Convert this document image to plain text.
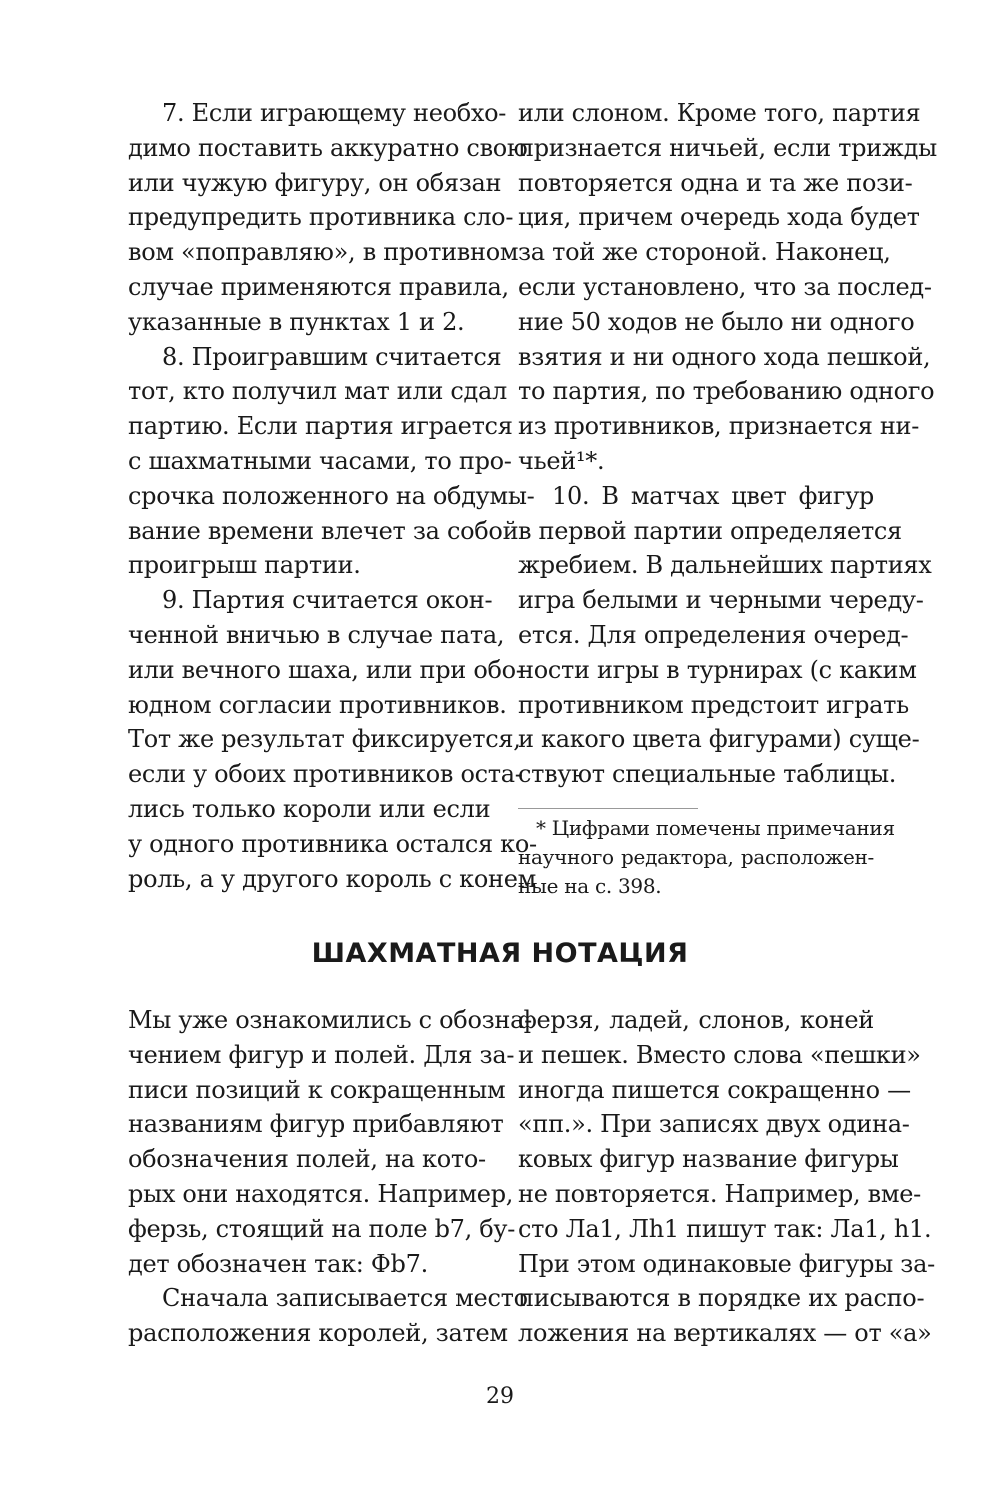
7. Если играющему необхо-
димо поставить аккуратно свою
или чужую фигуру, он обязан
предупредить противника сло-
вом «поправляю», в противном
случае применяются правила,
указанные в пунктах 1 и 2.

8. Проигравшим считается
тот, кто получил мат или сдал
партию. Если партия играется
с шахматными часами, то про-
срочка положенного на обдумы-
вание времени влечет за собой
проигрыш партии.

9. Партия считается окон-
ченной вничью в случае пата,
или вечного шаха, или при обо-
юдном согласии противников.
Тот же результат фиксируется,
если у обоих противников оста-
лись только короли или если
у одного противника остался ко-
роль, а у другого король с конем

или слоном. Кроме того, партия
признается ничьей, если трижды
повторяется одна и та же пози-
ция, причем очередь хода будет
за той же стороной. Наконец,
если установлено, что за послед-
ние 50 ходов не было ни одного
взятия и ни одного хода пешкой,
то партия, по требованию одного
из противников, признается ни-
чьей¹*.

10. В матчах цвет фигур
в первой партии определяется
жребием. В дальнейших партиях
игра белыми и черными череду-
ется. Для определения очеред-
ности игры в турнирах (с каким
противником предстоит играть
и какого цвета фигурами) суще-
ствуют специальные таблицы.

* Цифрами помечены примечания
научного редактора, расположен-
ные на с. 398.
ШАХМАТНАЯ НОТАЦИЯ

Мы уже ознакомились с обозна-
чением фигур и полей. Для за-
писи позиций к сокращенным
названиям фигур прибавляют
обозначения полей, на кото-
рых они находятся. Например,
ферзь, стоящий на поле b7, бу-
дет обозначен так: Фb7.

Сначала записывается место
расположения королей, затем

ферзя, ладей, слонов, коней
и пешек. Вместо слова «пешки»
иногда пишется сокращенно —
«пп.». При записях двух одина-
ковых фигур название фигуры
не повторяется. Например, вме-
сто Ла1, Лh1 пишут так: Ла1, h1.
При этом одинаковые фигуры за-
писываются в порядке их распо-
ложения на вертикалях — от «а»

29
